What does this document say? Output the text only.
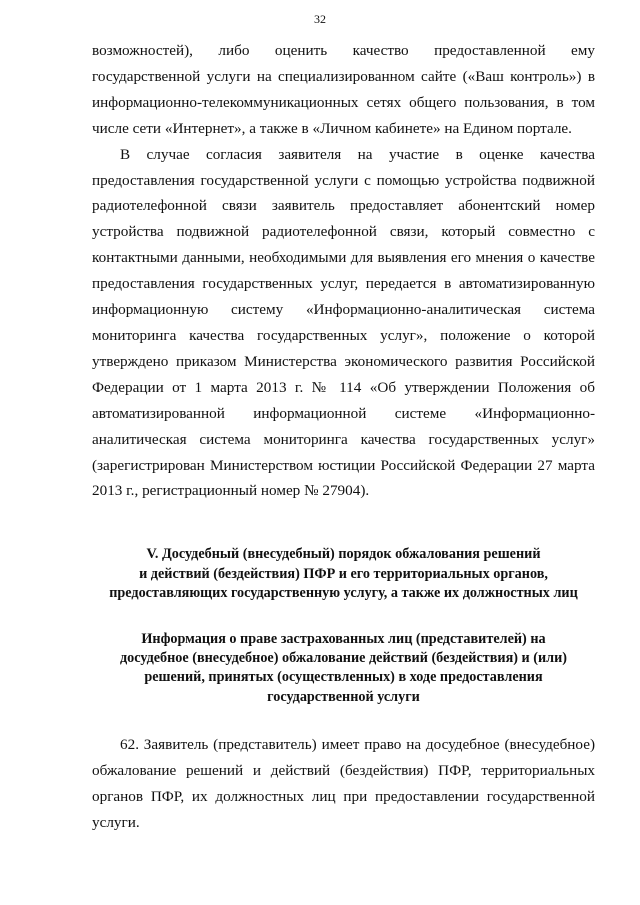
32

возможностей), либо оценить качество предоставленной ему
государственной услуги на специализированном сайте («Ваш контроль») в
информационно-телекоммуникационных сетях общего пользования, в том
числе сети «Интернет», а также в «Личном кабинете» на Едином портале.

В случае согласия заявителя на участие в оценке качества
предоставления государственной услуги с помощью устройства подвижной
радиотелефонной связи заявитель предоставляет абонентский номер
устройства подвижной радиотелефонной связи, который совместно с
контактными данными, необходимыми для выявления его мнения о качестве
предоставления государственных услуг, передается в автоматизированную
информационную систему «Информационно-аналитическая система
мониторинга качества государственных услуг», положение о которой
утверждено приказом Министерства экономического развития Российской
Федерации от 1 марта 2013 г. № 114 «Об утверждении Положения об
автоматизированной информационной системе «Информационно-
аналитическая система мониторинга качества государственных услуг»
(зарегистрирован Министерством юстиции Российской Федерации 27 марта
2013 г., регистрационный номер № 27904).

V. Досудебный (внесудебный) порядок обжалования решений
и действий (бездействия) ПФР и его территориальных органов,
предоставляющих государственную услугу, а также их должностных лиц
Информация о праве застрахованных лиц (представителей) на
досудебное (внесудебное) обжалование действий (бездействия) и (или)
решений, принятых (осуществленных) в ходе предоставления
государственной услуги

62. Заявитель (представитель) имеет право на досудебное (внесудебное)
обжалование решений и действий (бездействия) ПФР, территориальных
органов ПФР, их должностных лиц при предоставлении государственной
услуги.
